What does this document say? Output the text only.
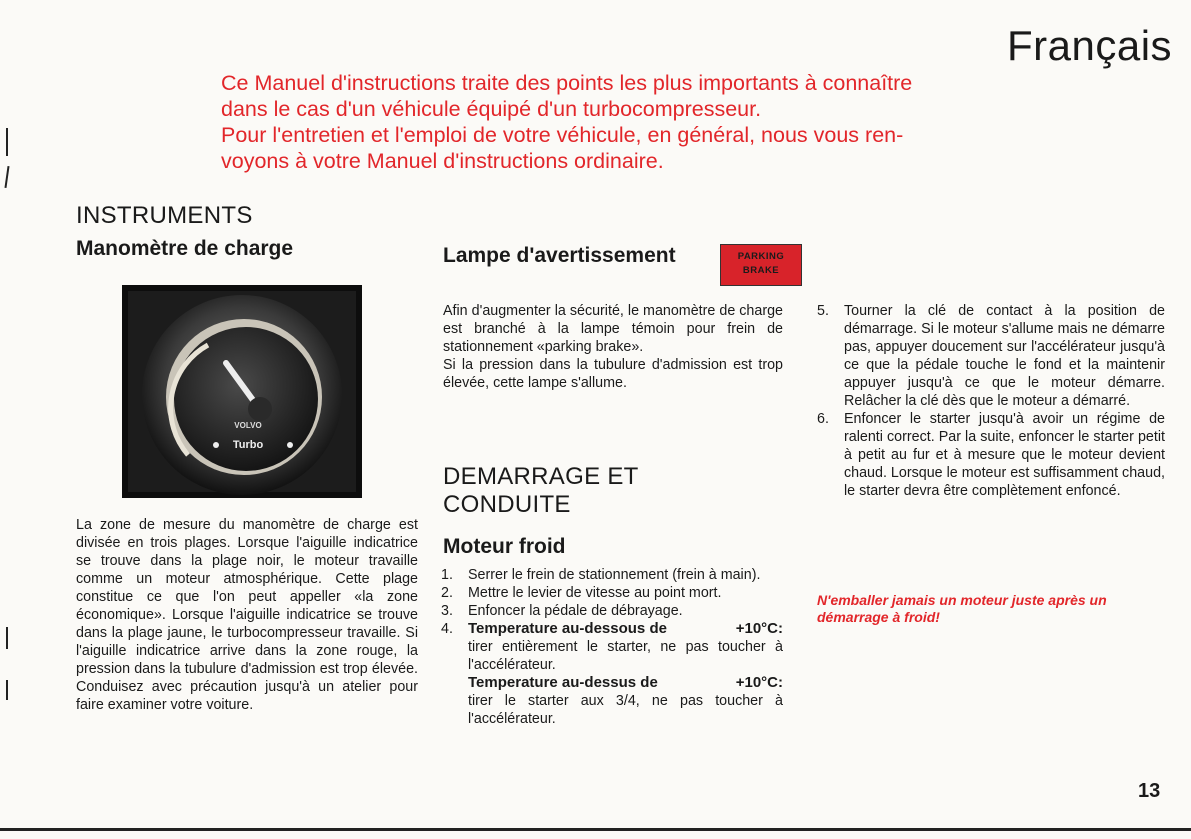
Français

Ce Manuel d'instructions traite des points les plus importants à connaître

dans le cas d'un véhicule équipé d'un turbocompresseur.

Pour l'entretien et l'emploi de votre véhicule, en général, nous vous ren-

voyons à votre Manuel d'instructions ordinaire.

INSTRUMENTS
Manomètre de charge
VOLVO
Turbo
La zone de mesure du manomètre de charge est divisée en trois plages. Lorsque l'aiguille indicatrice se trouve dans la plage noir, le moteur travaille comme un moteur atmosphérique. Cette plage constitue ce que l'on peut appeller «la zone économique». Lorsque l'aiguille indicatrice se trouve dans la plage jaune, le turbocompresseur travaille. Si l'aiguille indicatrice arrive dans la zone rouge, la pression dans la tubulure d'admission est trop élevée. Conduisez avec précaution jusqu'à un atelier pour faire examiner votre voiture.
Lampe d'avertissement	PARKING
BRAKE

Afin d'augmenter la sécurité, le manomètre de charge est branché à la lampe témoin pour frein de stationnement «parking brake».

Si la pression dans la tubulure d'admission est trop élevée, cette lampe s'allume.

DEMARRAGE ET
CONDUITE
Moteur froid
1. Serrer le frein de stationnement (frein à main).
2. Mettre le levier de vitesse au point mort.
3. Enfoncer la pédale de débrayage.
4. Temperature au-dessous de	+10°C:
tirer entièrement le starter, ne pas toucher à l'accélérateur.
Temperature au-dessus de	+10°C:
tirer le starter aux 3/4, ne pas toucher à l'accélérateur.
5. Tourner la clé de contact à la position de démarrage. Si le moteur s'allume mais ne démarre pas, appuyer doucement sur l'accélérateur jusqu'à ce que la pédale touche le fond et la maintenir appuyer jusqu'à ce que le moteur démarre. Relâcher la clé dès que le moteur a démarré.
6. Enfoncer le starter jusqu'à avoir un régime de ralenti correct. Par la suite, enfoncer le starter petit à petit au fur et à mesure que le moteur devient chaud. Lorsque le moteur est suffisamment chaud, le starter devra être complètement enfoncé.
N'emballer jamais un moteur juste après un démarrage à froid!
13
